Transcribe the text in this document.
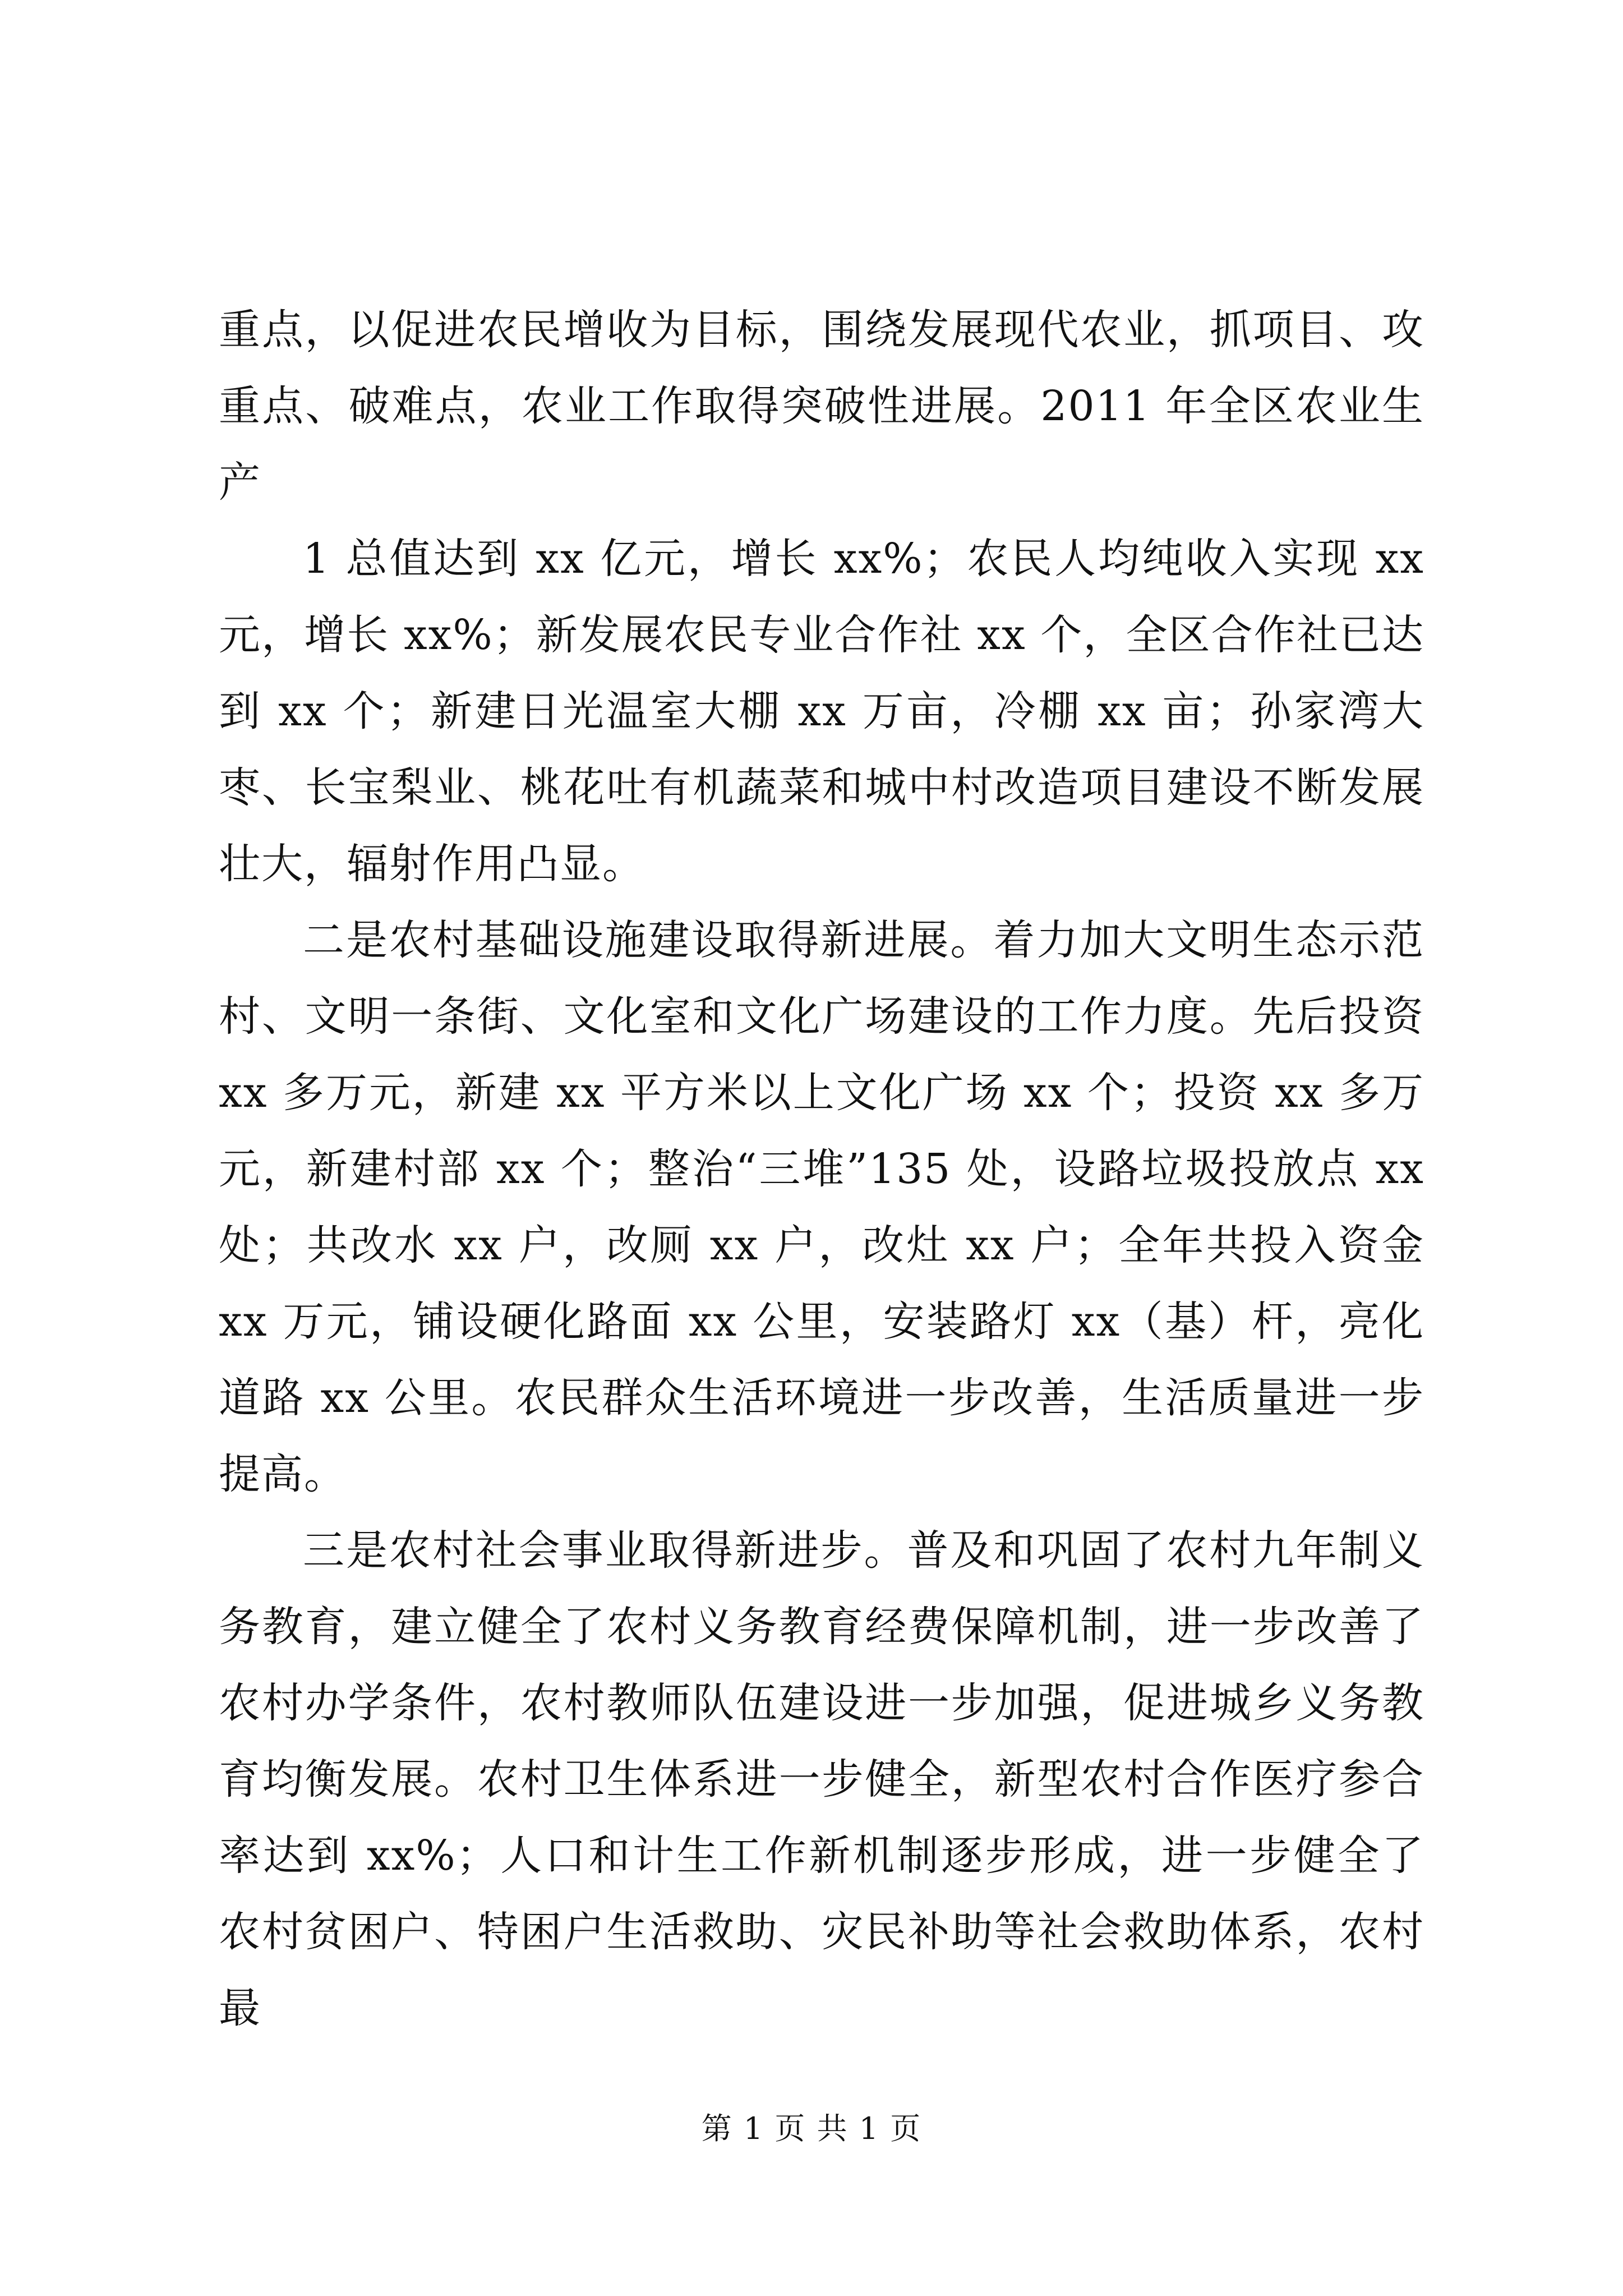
重点，以促进农民增收为目标，围绕发展现代农业，抓项目、攻重点、破难点，农业工作取得突破性进展。2011 年全区农业生产

1 总值达到 xx 亿元，增长 xx%；农民人均纯收入实现 xx 元，增长 xx%；新发展农民专业合作社 xx 个，全区合作社已达到 xx 个；新建日光温室大棚 xx 万亩，冷棚 xx 亩；孙家湾大枣、长宝梨业、桃花吐有机蔬菜和城中村改造项目建设不断发展壮大，辐射作用凸显。

二是农村基础设施建设取得新进展。着力加大文明生态示范村、文明一条街、文化室和文化广场建设的工作力度。先后投资 xx 多万元，新建 xx 平方米以上文化广场 xx 个；投资 xx 多万元，新建村部 xx 个；整治“三堆”135 处，设路垃圾投放点 xx 处；共改水 xx 户，改厕 xx 户，改灶 xx 户；全年共投入资金 xx 万元，铺设硬化路面 xx 公里，安装路灯 xx（基）杆，亮化道路 xx 公里。农民群众生活环境进一步改善，生活质量进一步提高。

三是农村社会事业取得新进步。普及和巩固了农村九年制义务教育，建立健全了农村义务教育经费保障机制，进一步改善了农村办学条件，农村教师队伍建设进一步加强，促进城乡义务教育均衡发展。农村卫生体系进一步健全，新型农村合作医疗参合率达到 xx%；人口和计生工作新机制逐步形成，进一步健全了农村贫困户、特困户生活救助、灾民补助等社会救助体系，农村最

第 1 页 共 1 页
